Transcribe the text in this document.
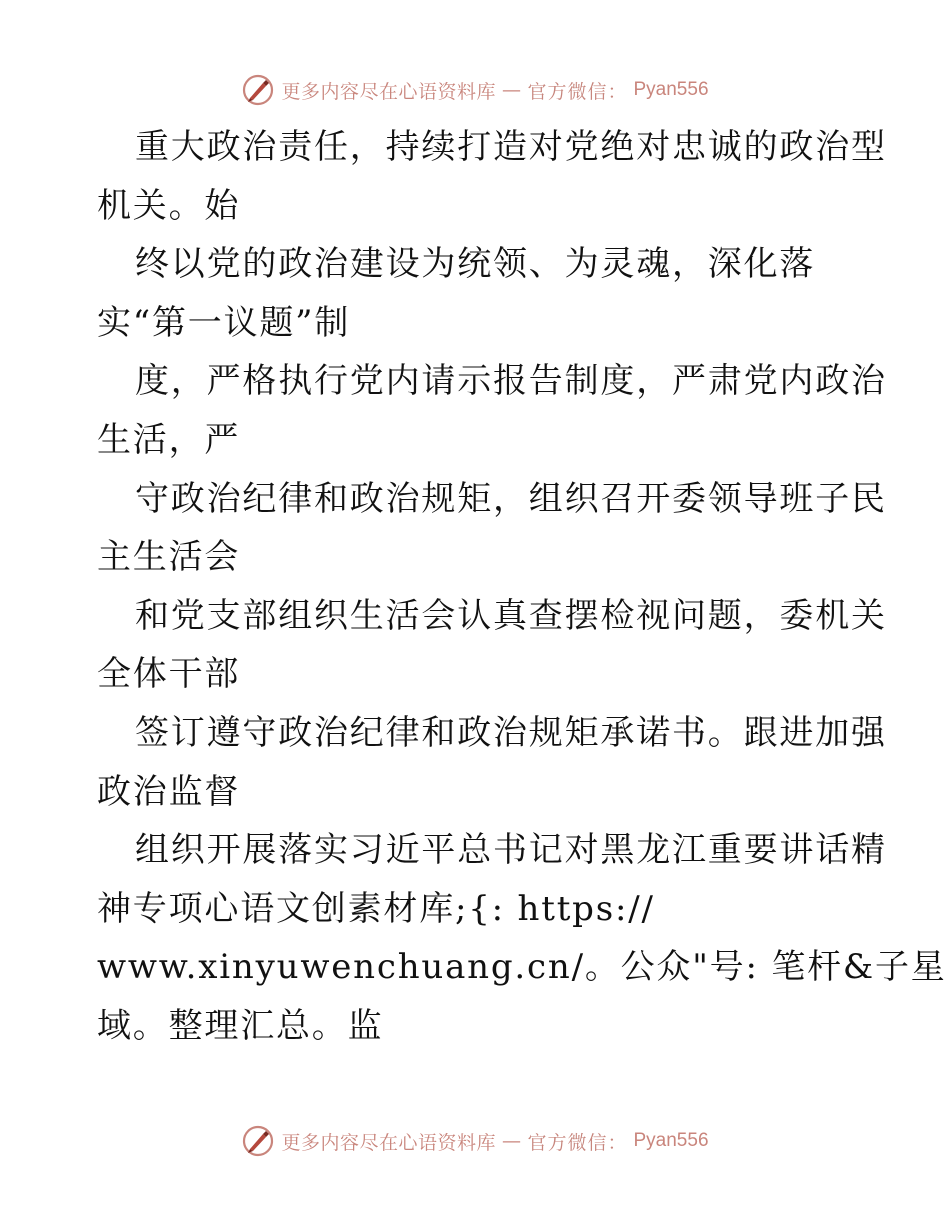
更多内容尽在心语资料库 — 官方微信： Pyan556
重大政治责任，持续打造对党绝对忠诚的政治型
机关。始
终以党的政治建设为统领、为灵魂，深化落
实“第一议题”制
度，严格执行党内请示报告制度，严肃党内政治
生活，严
守政治纪律和政治规矩，组织召开委领导班子民
主生活会
和党支部组织生活会认真查摆检视问题，委机关
全体干部
签订遵守政治纪律和政治规矩承诺书。跟进加强
政治监督
组织开展落实习近平总书记对黑龙江重要讲话精
神专项心语文创素材库;{: https://
www.xinyuwenchuang.cn/。公众"号: 笔杆&子星
域。整理汇总。监
更多内容尽在心语资料库 — 官方微信： Pyan556
